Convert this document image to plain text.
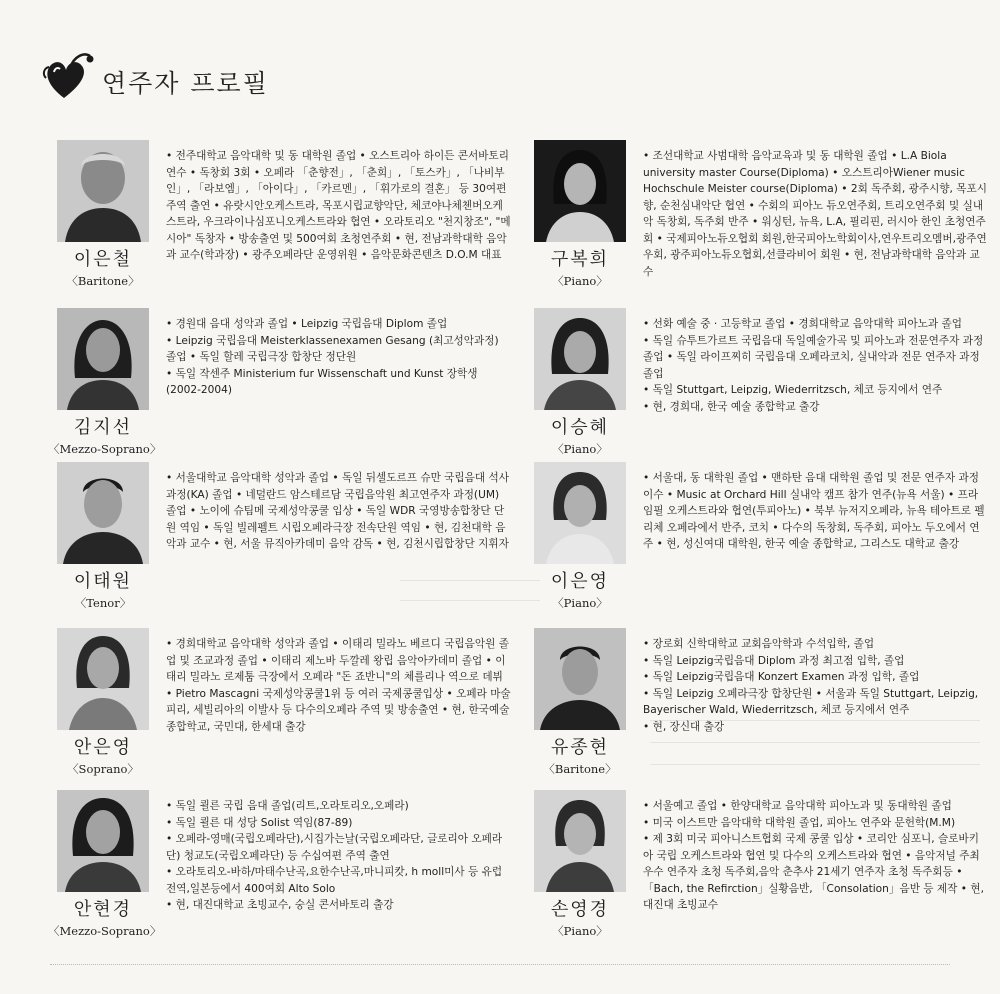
연주자 프로필
이은철
〈Baritone〉

• 전주대학교 음악대학 및 동 대학원 졸업 • 오스트리아 하이든 콘서바토리 연수 • 독창회 3회 • 오페라 「춘향전」, 「춘희」, 「토스카」, 「나비부인」, 「라보엠」, 「아이다」, 「카르멘」, 「휘가로의 결혼」 등 30여편 주역 출연 • 유랏시안오케스트라, 목포시립교향악단, 체코야나체첸버오케스트라, 우크라이나심포니오케스트라와 협연 • 오라토리오 "천지창조", "메시아" 독창자 • 방송출연 및 500여회 초청연주회 • 현, 전남과학대학 음악과 교수(학과장) • 광주오페라단 운영위원 • 음악문화콘텐츠 D.O.M 대표

김지선
〈Mezzo-Soprano〉

• 경원대 음대 성악과 졸업 • Leipzig 국립음대 Diplom 졸업

• Leipzig 국립음대 Meisterklassenexamen Gesang (최고성악과정) 졸업 • 독일 할레 국립극장 합창단 정단원

• 독일 작센주 Ministerium fur Wissenschaft und Kunst 장학생 (2002-2004)

이태원
〈Tenor〉

• 서울대학교 음악대학 성악과 졸업 • 독일 뒤셀도르프 슈만 국립음대 석사과정(KA) 졸업 • 네덜란드 암스테르담 국립음악원 최고연주자 과정(UM) 졸업 • 노이에 슈팀메 국제성악콩쿨 입상 • 독일 WDR 국영방송합창단 단원 역임 • 독일 빌레펠트 시립오페라극장 전속단원 역임 • 현, 김천대학 음악과 교수 • 현, 서울 뮤직아카데미 음악 감독 • 현, 김천시립합창단 지휘자

안은영
〈Soprano〉

• 경희대학교 음악대학 성악과 졸업 • 이태리 밀라노 베르디 국립음악원 졸업 및 조교과정 졸업 • 이태리 제노바 두깔레 왕립 음악아카데미 졸업 • 이태리 밀라노 로제툼 극장에서 오페라 "돈 죠반니"의 체를리나 역으로 데뷔 • Pietro Mascagni 국제성악콩쿨1위 등 여러 국제콩쿨입상 • 오페라 마술피리, 세빌리아의 이발사 등 다수의오페라 주역 및 방송출연 • 현, 한국예술종합학교, 국민대, 한세대 출강

안현경
〈Mezzo-Soprano〉

• 독일 쾰른 국립 음대 졸업(리트,오라토리오,오페라)

• 독일 쾰른 대 성당 Solist 역임(87-89)

• 오페라-영매(국립오페라단),시집가는날(국립오페라단, 글로리아 오페라단) 청교도(국립오페라단) 등 수십여편 주역 출연

• 오라토리오-바하/마태수난곡,요한수난곡,마니피캇, h moll미사 등 유럽전역,일본등에서 400여회 Alto Solo

• 현, 대진대학교 초빙교수, 숭실 콘서바토리 출강

구복희
〈Piano〉

• 조선대학교 사범대학 음악교육과 및 동 대학원 졸업 • L.A Biola university master Course(Diploma) • 오스트리아Wiener music Hochschule Meister course(Diploma) • 2회 독주회, 광주시향, 목포시향, 순천심내악단 협연 • 수회의 피아노 듀오연주회, 트리오연주회 및 실내악 독창회, 독주회 반주 • 워싱턴, 뉴욕, L.A, 필리핀, 러시아 한인 초청연주회 • 국제피아노듀오협회 회원,한국피아노학회이사,연우트리오멤버,광주연우회, 광주피아노듀오협회,선클라비어 회원 • 현, 전남과학대학 음악과 교수

이승혜
〈Piano〉

• 선화 예술 중 · 고등학교 졸업 • 경희대학교 음악대학 피아노과 졸업

• 독일 슈투트가르트 국립음대 독일예술가곡 및 피아노과 전문연주자 과정 졸업 • 독일 라이프찌히 국립음대 오페라코치, 실내악과 전문 연주자 과정 졸업

• 독일 Stuttgart, Leipzig, Wiederritzsch, 체코 등지에서 연주

• 현, 경희대, 한국 예술 종합학교 출강

이은영
〈Piano〉

• 서울대, 동 대학원 졸업 • 맨하탄 음대 대학원 졸업 및 전문 연주자 과정 이수 • Music at Orchard Hill 실내악 캠프 참가 연주(뉴욕 서울) • 프라임필 오케스트라와 협연(투피아노) • 북부 뉴저지오페라, 뉴욕 테아트로 펠리체 오페라에서 반주, 코치 • 다수의 독창회, 독주회, 피아노 두오에서 연주 • 현, 성신여대 대학원, 한국 예술 종합학교, 그리스도 대학교 출강

유종현
〈Baritone〉

• 장로회 신학대학교 교회음악학과 수석입학, 졸업

• 독일 Leipzig국립음대 Diplom 과정 최고점 입학, 졸업

• 독일 Leipzig국립음대 Konzert Examen 과정 입학, 졸업

• 독일 Leipzig 오페라극장 합창단원 • 서울과 독일 Stuttgart, Leipzig, Bayerischer Wald, Wiederritzsch, 체코 등지에서 연주

• 현, 장신대 출강

손영경
〈Piano〉

• 서울예고 졸업 • 한양대학교 음악대학 피아노과 및 동대학원 졸업

• 미국 이스트만 음악대학 대학원 졸업, 피아노 연주와 문헌학(M.M)

• 제 3회 미국 피아니스트협회 국제 콩쿨 입상 • 코리안 심포니, 슬로바키아 국립 오케스트라와 협연 및 다수의 오케스트라와 협연 • 음악저널 주최 우수 연주자 초청 독주회,음악 춘추사 21세기 연주자 초청 독주회등 • 「Bach, the Refirction」실황음반, 「Consolation」음반 등 제작 • 현, 대진대 초빙교수
